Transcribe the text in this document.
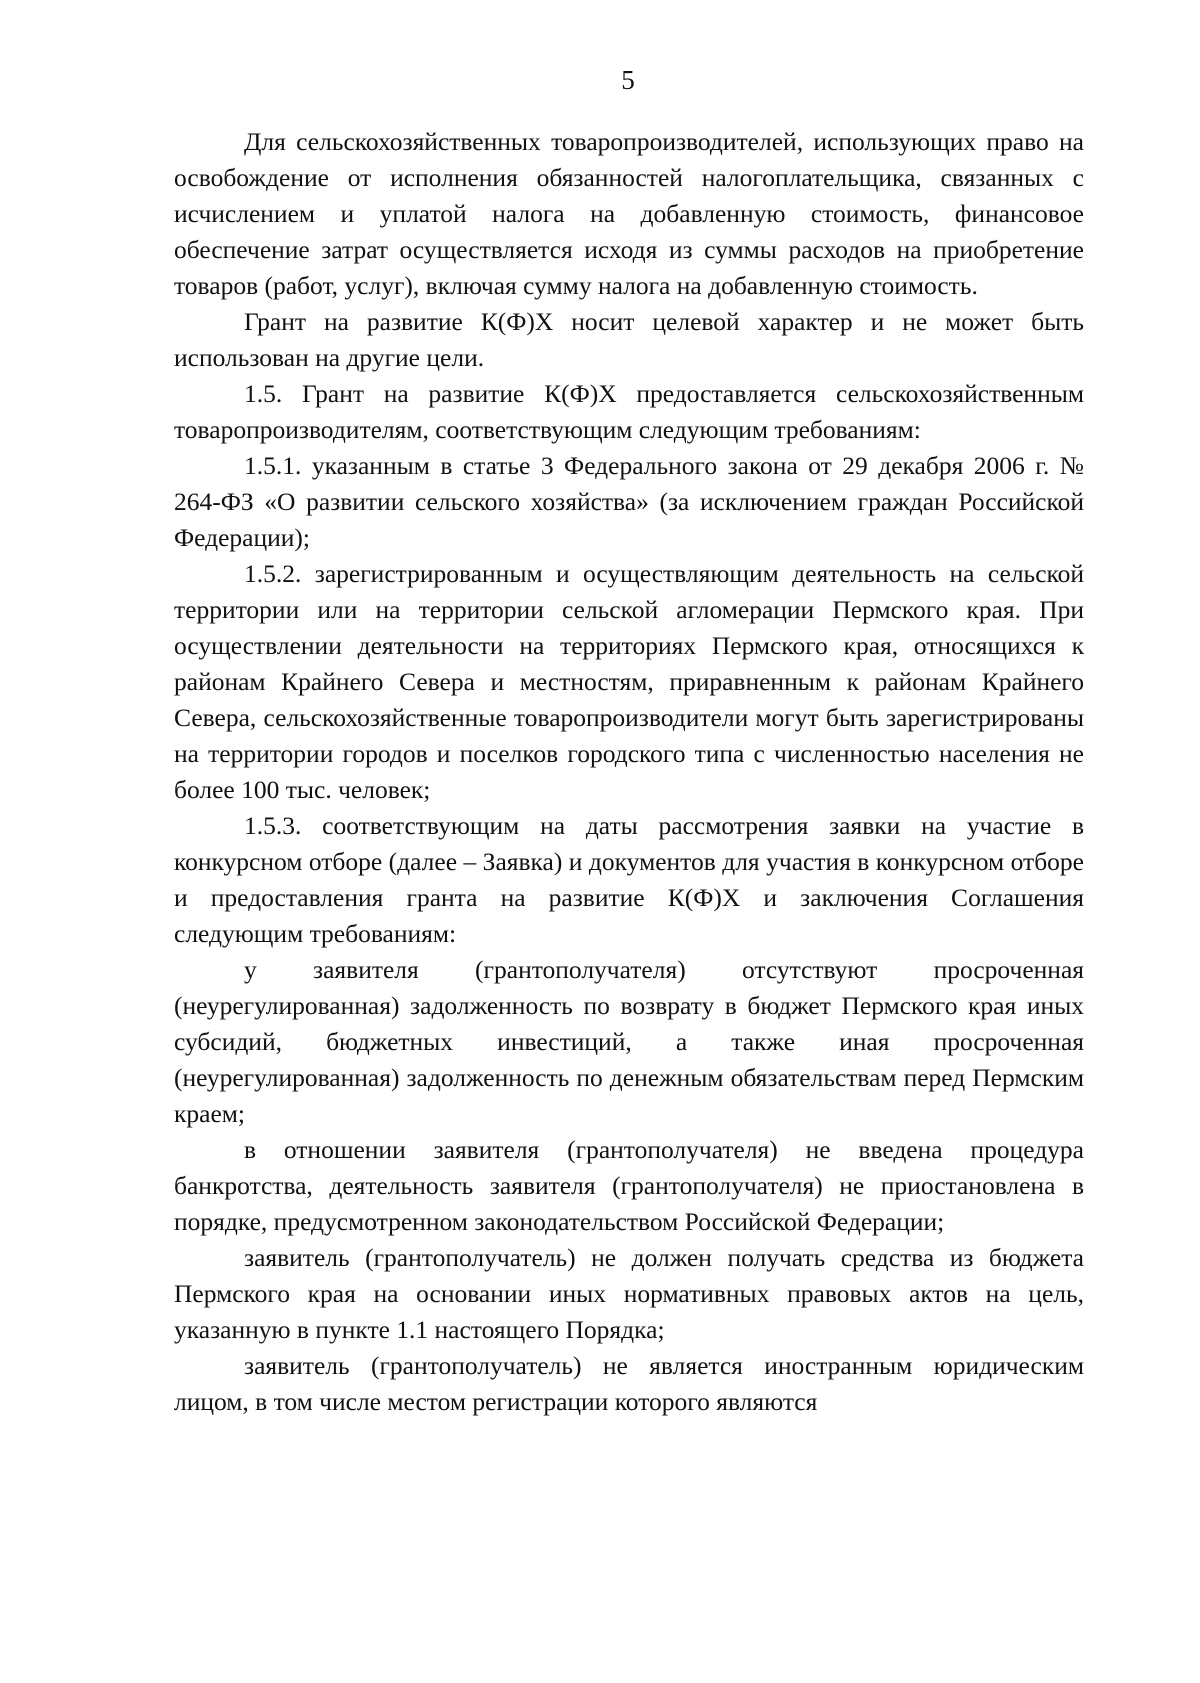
5

Для сельскохозяйственных товаропроизводителей, использующих право на освобождение от исполнения обязанностей налогоплательщика, связанных с исчислением и уплатой налога на добавленную стоимость, финансовое обеспечение затрат осуществляется исходя из суммы расходов на приобретение товаров (работ, услуг), включая сумму налога на добавленную стоимость.

Грант на развитие К(Ф)Х носит целевой характер и не может быть использован на другие цели.

1.5. Грант на развитие К(Ф)Х предоставляется сельскохозяйственным товаропроизводителям, соответствующим следующим требованиям:

1.5.1. указанным в статье 3 Федерального закона от 29 декабря 2006 г. № 264-ФЗ «О развитии сельского хозяйства» (за исключением граждан Российской Федерации);

1.5.2. зарегистрированным и осуществляющим деятельность на сельской территории или на территории сельской агломерации Пермского края. При осуществлении деятельности на территориях Пермского края, относящихся к районам Крайнего Севера и местностям, приравненным к районам Крайнего Севера, сельскохозяйственные товаропроизводители могут быть зарегистрированы на территории городов и поселков городского типа с численностью населения не более 100 тыс. человек;

1.5.3. соответствующим на даты рассмотрения заявки на участие в конкурсном отборе (далее – Заявка) и документов для участия в конкурсном отборе и предоставления гранта на развитие К(Ф)Х и заключения Соглашения следующим требованиям:

у заявителя (грантополучателя) отсутствуют просроченная (неурегулированная) задолженность по возврату в бюджет Пермского края иных субсидий, бюджетных инвестиций, а также иная просроченная (неурегулированная) задолженность по денежным обязательствам перед Пермским краем;

в отношении заявителя (грантополучателя) не введена процедура банкротства, деятельность заявителя (грантополучателя) не приостановлена в порядке, предусмотренном законодательством Российской Федерации;

заявитель (грантополучатель) не должен получать средства из бюджета Пермского края на основании иных нормативных правовых актов на цель, указанную в пункте 1.1 настоящего Порядка;

заявитель (грантополучатель) не является иностранным юридическим лицом, в том числе местом регистрации которого являются
